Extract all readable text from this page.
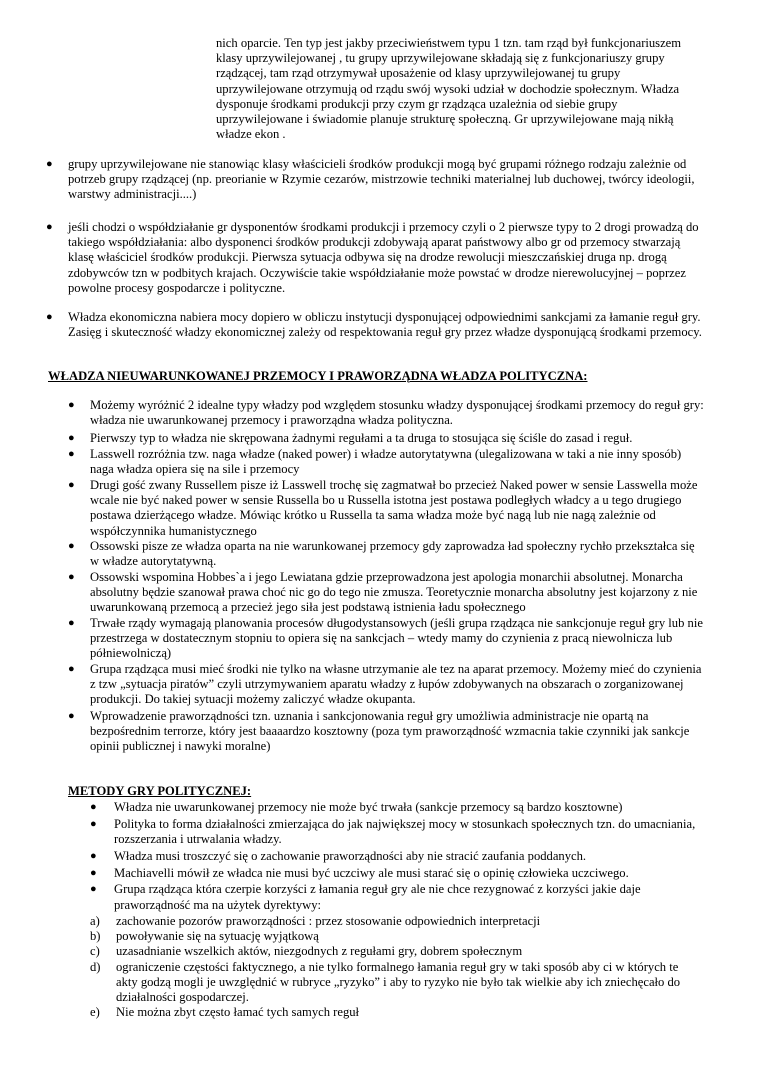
nich oparcie. Ten typ jest jakby przeciwieństwem typu 1 tzn. tam rząd był funkcjonariuszem klasy uprzywilejowanej , tu grupy uprzywilejowane składają się z funkcjonariuszy grupy rządzącej, tam rząd otrzymywał uposażenie od klasy uprzywilejowanej tu grupy uprzywilejowane otrzymują od rządu swój wysoki udział w dochodzie społecznym. Władza dysponuje środkami produkcji przy czym gr rządząca uzależnia od siebie grupy uprzywilejowane i świadomie planuje strukturę społeczną. Gr uprzywilejowane mają nikłą władze ekon .
● grupy uprzywilejowane nie stanowiąc klasy właścicieli środków produkcji mogą być grupami różnego rodzaju zależnie od potrzeb grupy rządzącej (np. preorianie w Rzymie cezarów, mistrzowie techniki materialnej lub duchowej, twórcy ideologii, warstwy administracji....)
● jeśli chodzi o współdziałanie gr dysponentów środkami produkcji i przemocy czyli o 2 pierwsze typy to 2 drogi prowadzą do takiego współdziałania: albo dysponenci środków produkcji zdobywają aparat państwowy albo gr od przemocy stwarzają klasę właściciel środków produkcji. Pierwsza sytuacja odbywa się na drodze rewolucji mieszczańskiej druga np. drogą zdobywców tzn w podbitych krajach. Oczywiście takie współdziałanie może powstać w drodze nierewolucyjnej – poprzez powolne procesy gospodarcze i polityczne.
● Władza ekonomiczna nabiera mocy dopiero w obliczu instytucji dysponującej odpowiednimi sankcjami za łamanie reguł gry. Zasięg i skuteczność władzy ekonomicznej zależy od respektowania reguł gry przez władze dysponującą środkami przemocy.
WŁADZA NIEUWARUNKOWANEJ PRZEMOCY I PRAWORZĄDNA WŁADZA POLITYCZNA:
● Możemy wyróżnić 2 idealne typy władzy pod względem stosunku władzy dysponującej środkami przemocy do reguł gry: władza nie uwarunkowanej przemocy i praworządna władza polityczna.
● Pierwszy typ to władza nie skrępowana żadnymi regułami a ta druga to stosująca się ściśle do zasad i reguł.
● Lasswell rozróżnia tzw. naga władze (naked power) i władze autorytatywna (ulegalizowana w taki a nie inny sposób) naga władza opiera się na sile i przemocy
● Drugi gość zwany Russellem pisze iż Lasswell trochę się zagmatwał bo przecież Naked power w sensie Lasswella może wcale nie być naked power w sensie Russella bo u Russella istotna jest postawa podległych władcy a u tego drugiego postawa dzierżącego władze. Mówiąc krótko u Russella ta sama władza może być nagą lub nie nagą zależnie od współczynnika humanistycznego
● Ossowski pisze ze władza oparta na nie warunkowanej przemocy gdy zaprowadza ład społeczny rychło przekształca się w władze autorytatywną.
● Ossowski wspomina Hobbes`a i jego Lewiatana gdzie przeprowadzona jest apologia monarchii absolutnej. Monarcha absolutny będzie szanował prawa choć nic go do tego nie zmusza. Teoretycznie monarcha absolutny jest kojarzony z nie uwarunkowaną przemocą a przecież jego siła jest podstawą istnienia ładu społecznego
● Trwałe rządy wymagają planowania procesów długodystansowych (jeśli grupa rządząca nie sankcjonuje reguł gry lub nie przestrzega w dostatecznym stopniu to opiera się na sankcjach – wtedy mamy do czynienia z pracą niewolnicza lub półniewolniczą)
● Grupa rządząca musi mieć środki nie tylko na własne utrzymanie ale tez na aparat przemocy. Możemy mieć do czynienia z tzw „sytuacja piratów” czyli utrzymywaniem aparatu władzy z łupów zdobywanych na obszarach o zorganizowanej produkcji. Do takiej sytuacji możemy zaliczyć władze okupanta.
● Wprowadzenie praworządności tzn. uznania i sankcjonowania reguł gry umożliwia administracje nie opartą na bezpośrednim terrorze, który jest baaaardzo kosztowny (poza tym praworządność wzmacnia takie czynniki jak sankcje opinii publicznej i nawyki moralne)
METODY GRY POLITYCZNEJ:
● Władza nie uwarunkowanej przemocy nie może być trwała (sankcje przemocy są bardzo kosztowne)
● Polityka to forma działalności zmierzająca do jak największej mocy w stosunkach społecznych tzn. do umacniania, rozszerzania i utrwalania władzy.
● Władza musi troszczyć się o zachowanie praworządności aby nie stracić zaufania poddanych.
● Machiavelli mówił ze władca nie musi być uczciwy ale musi starać się o opinię człowieka uczciwego.
● Grupa rządząca która czerpie korzyści z łamania reguł gry ale nie chce rezygnować z korzyści jakie daje praworządność ma na użytek dyrektywy:
a) zachowanie pozorów praworządności : przez stosowanie odpowiednich interpretacji
b) powoływanie się na sytuację wyjątkową
c) uzasadnianie wszelkich aktów, niezgodnych z regułami gry, dobrem społecznym
d) ograniczenie częstości faktycznego, a nie tylko formalnego łamania reguł gry w taki sposób aby ci w których te akty godzą mogli je uwzględnić w rubryce „ryzyko” i aby to ryzyko nie było tak wielkie aby ich zniechęcało do działalności gospodarczej.
e) Nie można zbyt często łamać tych samych reguł
